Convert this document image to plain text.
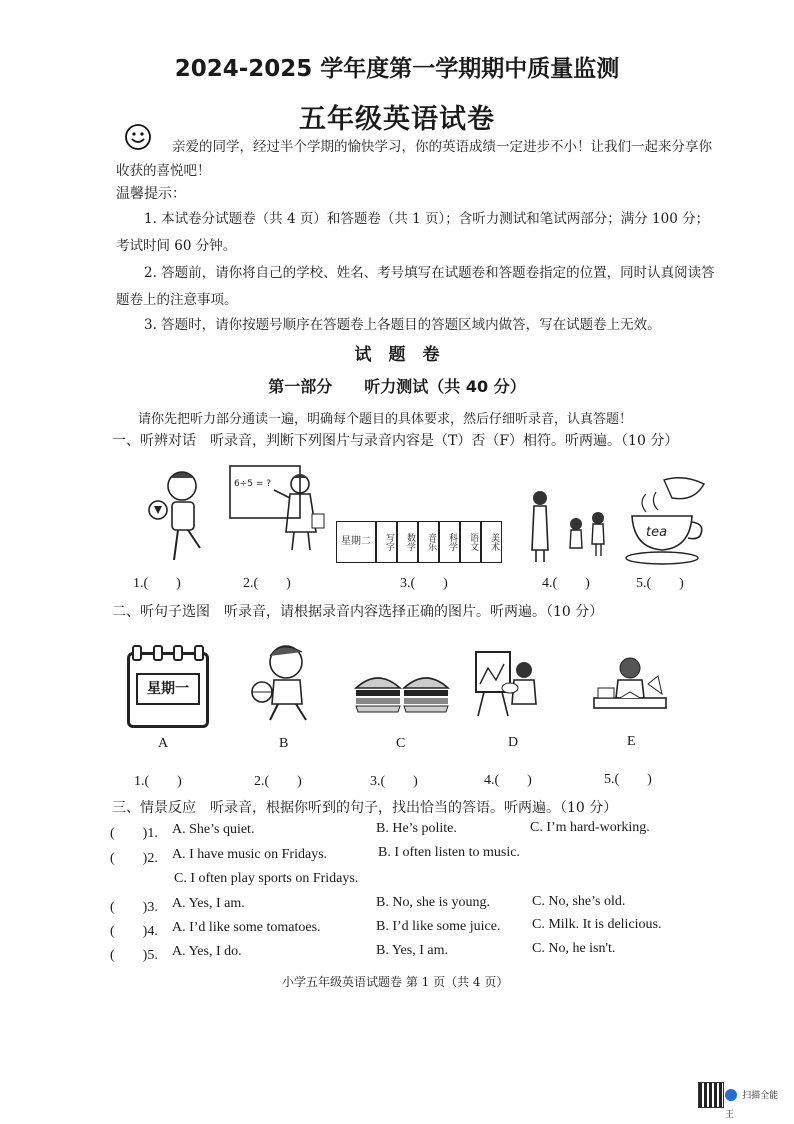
2024-2025 学年度第一学期期中质量监测
五年级英语试卷
亲爱的同学，经过半个学期的愉快学习，你的英语成绩一定进步不小！让我们一起来分享你收获的喜悦吧！
温馨提示：
1. 本试卷分试题卷（共 4 页）和答题卷（共 1 页）；含听力测试和笔试两部分；满分 100 分；考试时间 60 分钟。
2. 答题前，请你将自己的学校、姓名、考号填写在试题卷和答题卷指定的位置，同时认真阅读答题卷上的注意事项。
3. 答题时，请你按题号顺序在答题卷上各题目的答题区域内做答，写在试题卷上无效。
试　题　卷
第一部分　　听力测试（共 40 分）
请你先把听力部分通读一遍，明确每个题目的具体要求，然后仔细听录音，认真答题！
一、听辨对话　听录音，判断下列图片与录音内容是（T）否（F）相符。听两遍。（10 分）
6÷5 = ?
星期二	写字	数学	音乐	科学	语文	美术
tea
1.(　　)	2.(　　)	3.(　　)	4.(　　)	5.(　　)
二、听句子选图　听录音，请根据录音内容选择正确的图片。听两遍。（10 分）
星期一
A	B	C	D	E
1.(　　)	2.(　　)	3.(　　)	4.(　　)	5.(　　)
三、情景反应　听录音，根据你听到的句子，找出恰当的答语。听两遍。（10 分）
(　　)1. A. She’s quiet.	B. He’s polite.	C. I’m hard-working.
(　　)2. A. I have music on Fridays.	B. I often listen to music.
C. I often play sports on Fridays.
(　　)3. A. Yes, I am.	B. No, she is young.	C. No, she’s old.
(　　)4. A. I’d like some tomatoes.	B. I’d like some juice. C. Milk. It is delicious.
(　　)5. A. Yes, I do.	B. Yes, I am.	C. No, he isn't.
小学五年级英语试题卷 第 1 页（共 4 页）
扫描全能王
